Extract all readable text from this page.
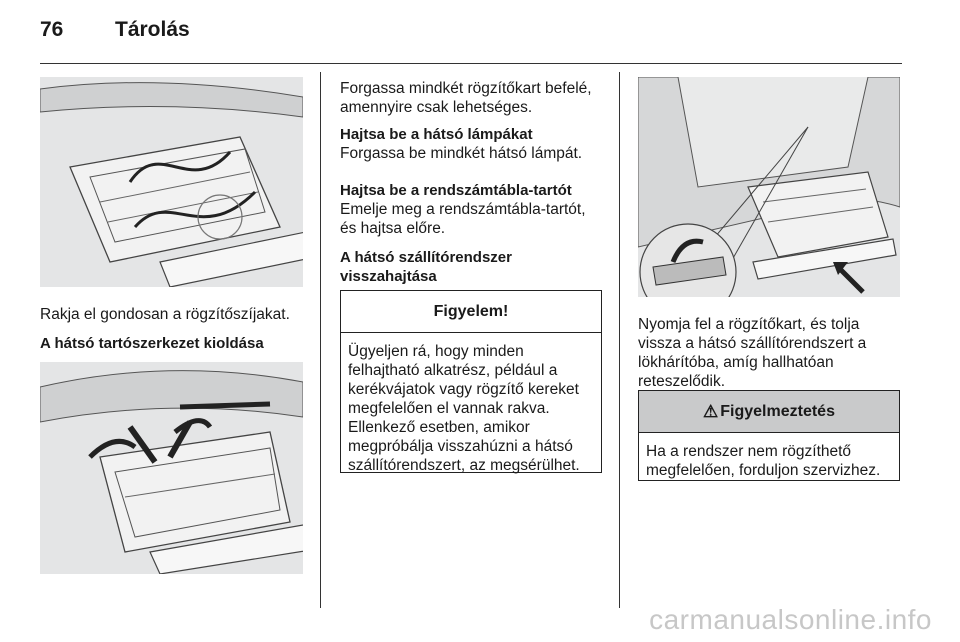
76 Tárolás
Rakja el gondosan a rögzítőszíjakat.
A hátsó tartószerkezet kioldása
Forgassa mindkét rögzítőkart befelé, amennyire csak lehetséges.
Hajtsa be a hátsó lámpákat
Forgassa be mindkét hátsó lámpát.
Hajtsa be a rendszámtábla-tartót
Emelje meg a rendszámtábla-tartót, és hajtsa előre.
A hátsó szállítórendszer visszahajtása
Figyelem!
Ügyeljen rá, hogy minden felhajtható alkatrész, például a kerékvájatok vagy rögzítő kereket megfelelően el vannak rakva. Ellenkező esetben, amikor megpróbálja visszahúzni a hátsó szállítórendszert, az megsérülhet.
Nyomja fel a rögzítőkart, és tolja vissza a hátsó szállítórendszert a lökhárítóba, amíg hallhatóan reteszelődik.
⚠ Figyelmeztetés
Ha a rendszer nem rögzíthető megfelelően, forduljon szervizhez.
carmanualsonline.info
